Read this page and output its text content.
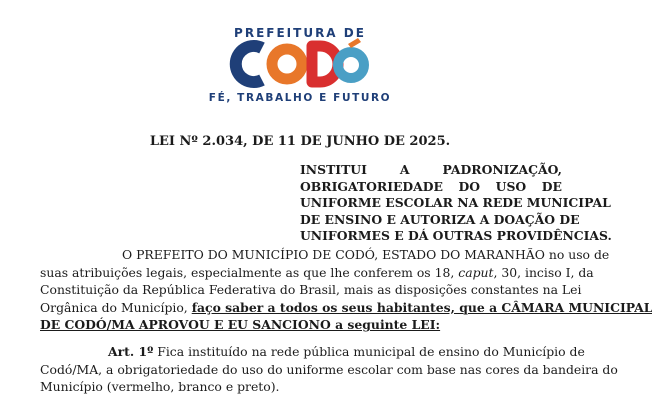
PREFEITURA DE
FÉ, TRABALHO E FUTURO
LEI Nº 2.034, DE 11 DE JUNHO DE 2025.
INSTITUI A PADRONIZAÇÃO,
OBRIGATORIEDADE DO USO DE
UNIFORME ESCOLAR NA REDE MUNICIPAL
DE ENSINO E AUTORIZA A DOAÇÃO DE
UNIFORMES E DÁ OUTRAS PROVIDÊNCIAS.
O PREFEITO DO MUNICÍPIO DE CODÓ, ESTADO DO MARANHÃO no uso de
suas atribuições legais, especialmente as que lhe conferem os 18, caput, 30, inciso I, da
Constituição da República Federativa do Brasil, mais as disposições constantes na Lei
Orgânica do Município, faço saber a todos os seus habitantes, que a CÂMARA MUNICIPAL
DE CODÓ/MA APROVOU E EU SANCIONO a seguinte LEI:
Art. 1º Fica instituído na rede pública municipal de ensino do Município de
Codó/MA, a obrigatoriedade do uso do uniforme escolar com base nas cores da bandeira do
Município (vermelho, branco e preto).
